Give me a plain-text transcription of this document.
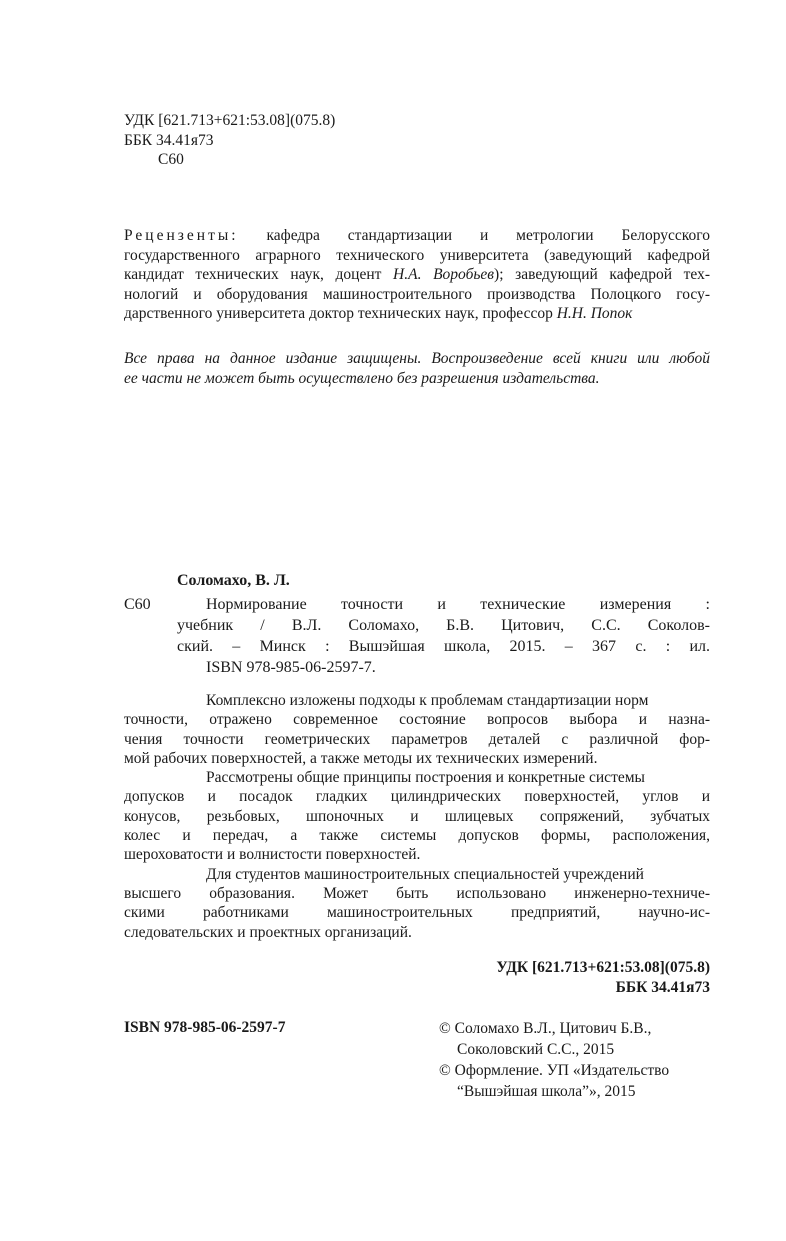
УДК [621.713+621:53.08](075.8)
ББК 34.41я73
С60
Рецензенты: кафедра стандартизации и метрологии Белорусского
государственного аграрного технического университета (заведующий кафедрой
кандидат технических наук, доцент Н.А. Воробьев); заведующий кафедрой тех-
нологий и оборудования машиностроительного производства Полоцкого госу-
дарственного университета доктор технических наук, профессор Н.Н. Попок
Все права на данное издание защищены. Воспроизведение всей книги или любой
ее части не может быть осуществлено без разрешения издательства.
Соломахо, В. Л.
С60	Нормирование точности и технические измерения :
учебник / В.Л. Соломахо, Б.В. Цитович, С.С. Соколов-
ский. – Минск : Вышэйшая школа, 2015. – 367 с. : ил.
ISBN 978-985-06-2597-7.
Комплексно изложены подходы к проблемам стандартизации норм
точности, отражено современное состояние вопросов выбора и назна-
чения точности геометрических параметров деталей с различной фор-
мой рабочих поверхностей, а также методы их технических измерений.
Рассмотрены общие принципы построения и конкретные системы
допусков и посадок гладких цилиндрических поверхностей, углов и
конусов, резьбовых, шпоночных и шлицевых сопряжений, зубчатых
колес и передач, а также системы допусков формы, расположения,
шероховатости и волнистости поверхностей.
Для студентов машиностроительных специальностей учреждений
высшего образования. Может быть использовано инженерно-техниче-
скими работниками машиностроительных предприятий, научно-ис-
следовательских и проектных организаций.
УДК [621.713+621:53.08](075.8)
ББК 34.41я73
ISBN 978-985-06-2597-7	© Соломахо В.Л., Цитович Б.В.,
Соколовский С.С., 2015
© Оформление. УП «Издательство
“Вышэйшая школа”», 2015
